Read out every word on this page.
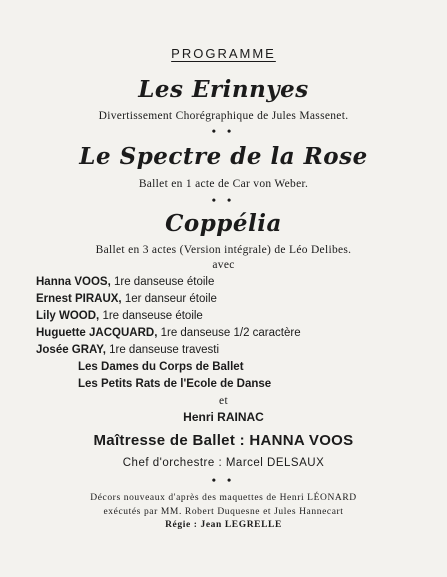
PROGRAMME
Les Erinnyes
Divertissement Chorégraphique de Jules Massenet.
• •
Le Spectre de la Rose
Ballet en 1 acte de Car von Weber.
• •
Coppélia
Ballet en 3 actes (Version intégrale) de Léo Delibes.
avec
Hanna VOOS, 1re danseuse étoile
Ernest PIRAUX, 1er danseur étoile
Lily WOOD, 1re danseuse étoile
Huguette JACQUARD, 1re danseuse 1/2 caractère
Josée GRAY, 1re danseuse travesti
Les Dames du Corps de Ballet
Les Petits Rats de l'Ecole de Danse
et
Henri RAINAC
Maîtresse de Ballet : HANNA VOOS
Chef d'orchestre : Marcel DELSAUX
• •
Décors nouveaux d'après des maquettes de Henri LÉONARD
exécutés par MM. Robert Duquesne et Jules Hannecart
Régie : Jean LEGRELLE
